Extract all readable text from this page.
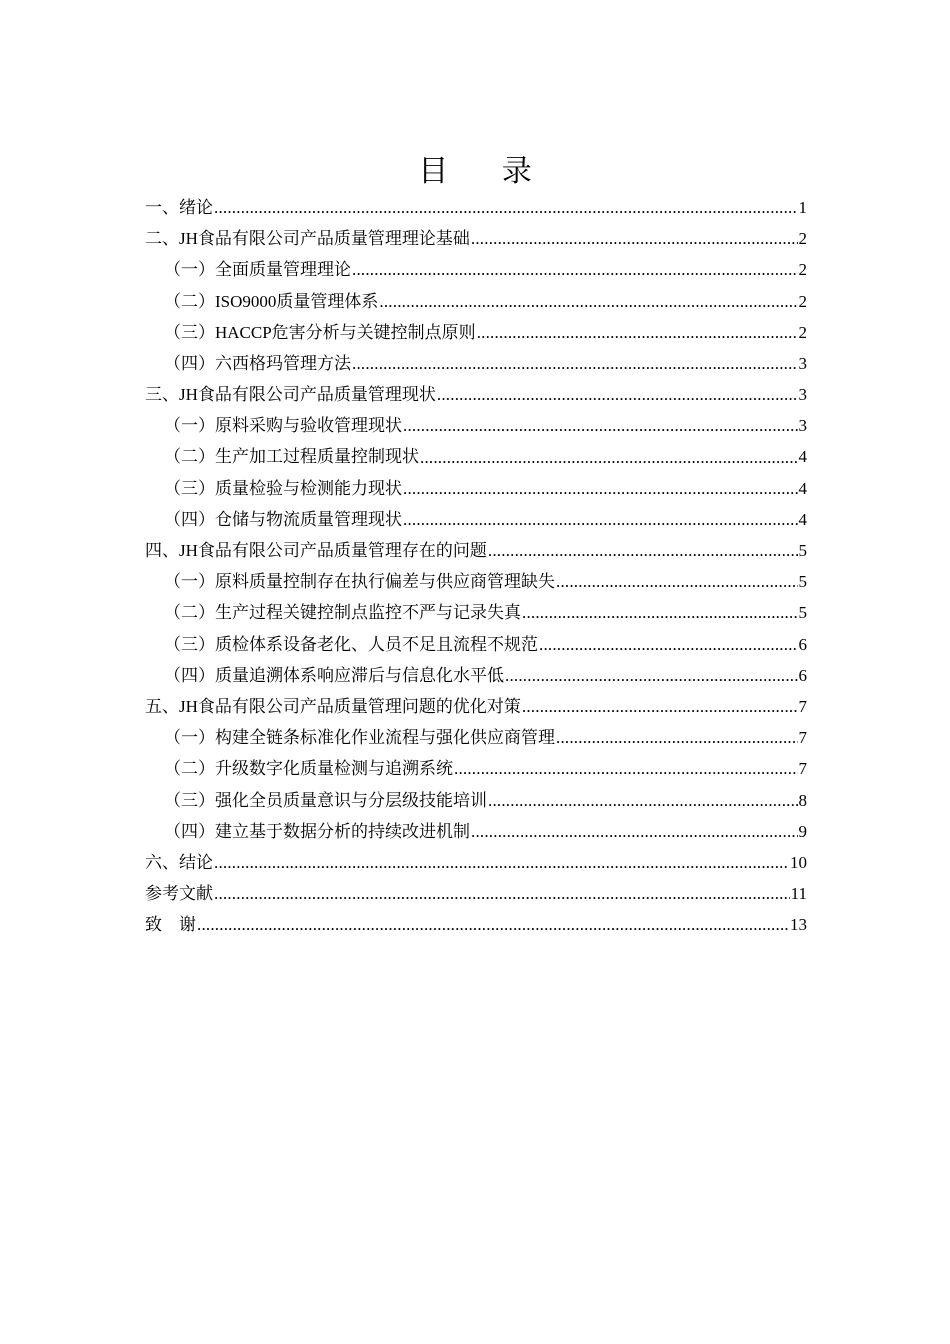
目 录
一、绪论 .....	1
二、JH食品有限公司产品质量管理理论基础 .....	2
（一）全面质量管理理论 .....	2
（二）ISO9000质量管理体系 .....	2
（三）HACCP危害分析与关键控制点原则 .....	2
（四）六西格玛管理方法 .....	3
三、JH食品有限公司产品质量管理现状 .....	3
（一）原料采购与验收管理现状 .....	3
（二）生产加工过程质量控制现状 .....	4
（三）质量检验与检测能力现状 .....	4
（四）仓储与物流质量管理现状 .....	4
四、JH食品有限公司产品质量管理存在的问题 .....	5
（一）原料质量控制存在执行偏差与供应商管理缺失 .....	5
（二）生产过程关键控制点监控不严与记录失真 .....	5
（三）质检体系设备老化、人员不足且流程不规范 .....	6
（四）质量追溯体系响应滞后与信息化水平低 .....	6
五、JH食品有限公司产品质量管理问题的优化对策 .....	7
（一）构建全链条标准化作业流程与强化供应商管理 .....	7
（二）升级数字化质量检测与追溯系统 .....	7
（三）强化全员质量意识与分层级技能培训 .....	8
（四）建立基于数据分析的持续改进机制 .....	9
六、结论 .....	10
参考文献 .....	11
致　谢 .....	13
